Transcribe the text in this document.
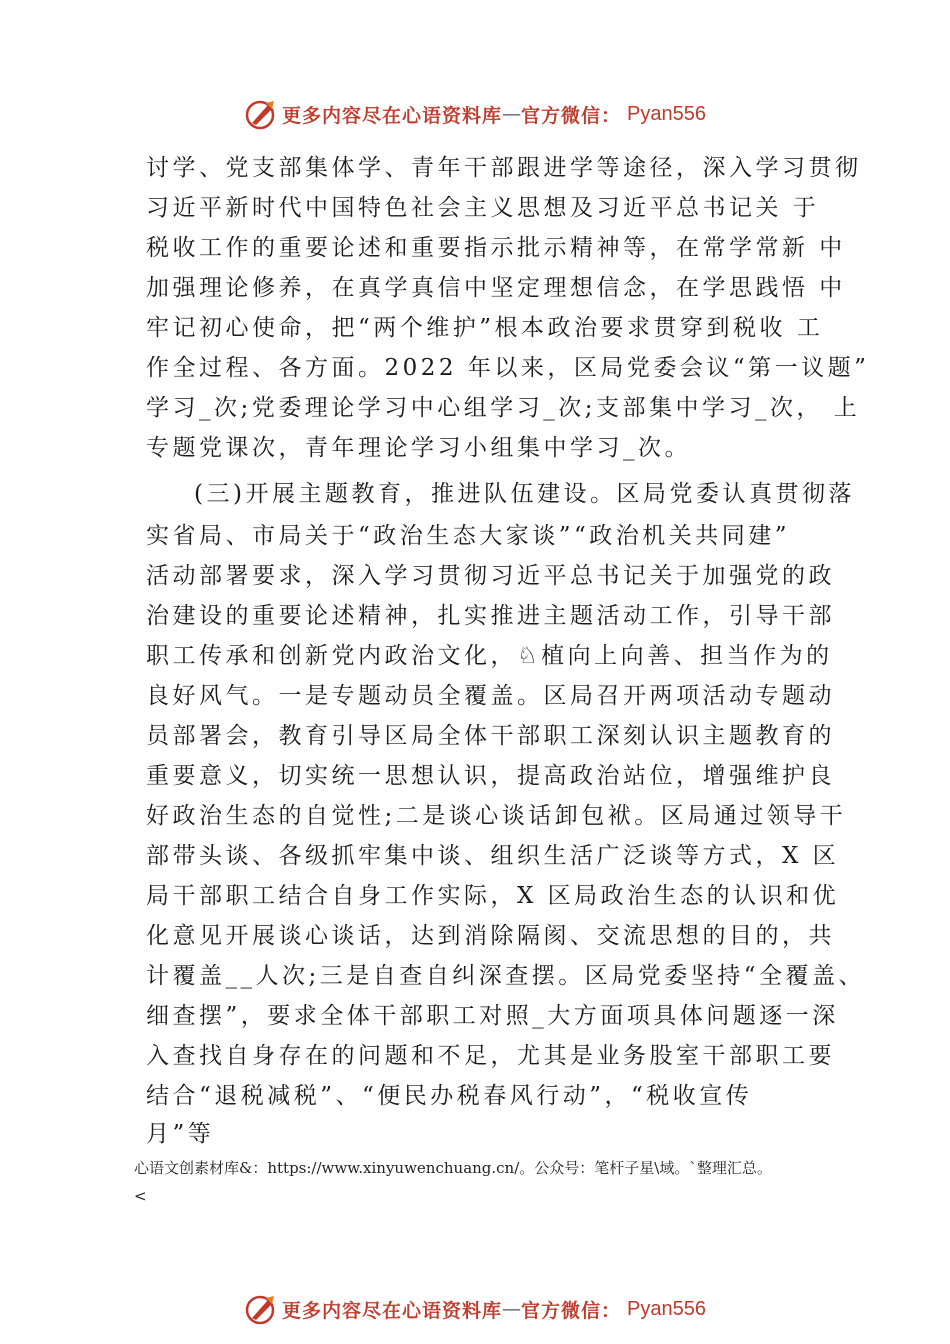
更多内容尽在心语资料库 — 官方微信： Pyan556
讨学、党支部集体学、青年干部跟进学等途径，深入学习贯彻
习近平新时代中国特色社会主义思想及习近平总书记关 于
税收工作的重要论述和重要指示批示精神等，在常学常新 中
加强理论修养，在真学真信中坚定理想信念，在学思践悟 中
牢记初心使命，把“两个维护”根本政治要求贯穿到税收 工
作全过程、各方面。2022 年以来，区局党委会议“第一议题”
学习_次;党委理论学习中心组学习_次;支部集中学习_次， 上
专题党课次，青年理论学习小组集中学习_次。
(三)开展主题教育，推进队伍建设。区局党委认真贯彻落
实省局、市局关于“政治生态大家谈”“政治机关共同建”
活动部署要求，深入学习贯彻习近平总书记关于加强党的政
治建设的重要论述精神，扎实推进主题活动工作，引导干部
职工传承和创新党内政治文化，♘植向上向善、担当作为的
良好风气。一是专题动员全覆盖。区局召开两项活动专题动
员部署会，教育引导区局全体干部职工深刻认识主题教育的
重要意义，切实统一思想认识，提高政治站位，增强维护良
好政治生态的自觉性;二是谈心谈话卸包袱。区局通过领导干
部带头谈、各级抓牢集中谈、组织生活广泛谈等方式，X 区
局干部职工结合自身工作实际，X 区局政治生态的认识和优
化意见开展谈心谈话，达到消除隔阂、交流思想的目的，共
计覆盖__人次;三是自查自纠深查摆。区局党委坚持“全覆盖、
细查摆”，要求全体干部职工对照_大方面项具体问题逐一深
入查找自身存在的问题和不足，尤其是业务股室干部职工要
结合“退税减税”、“便民办税春风行动”，“税收宣传
月”等
心语文创素材库&：https://www.xinyuwenchuang.cn/。公众号：笔杆子星\域。`整理汇总。
<
更多内容尽在心语资料库 — 官方微信： Pyan556
